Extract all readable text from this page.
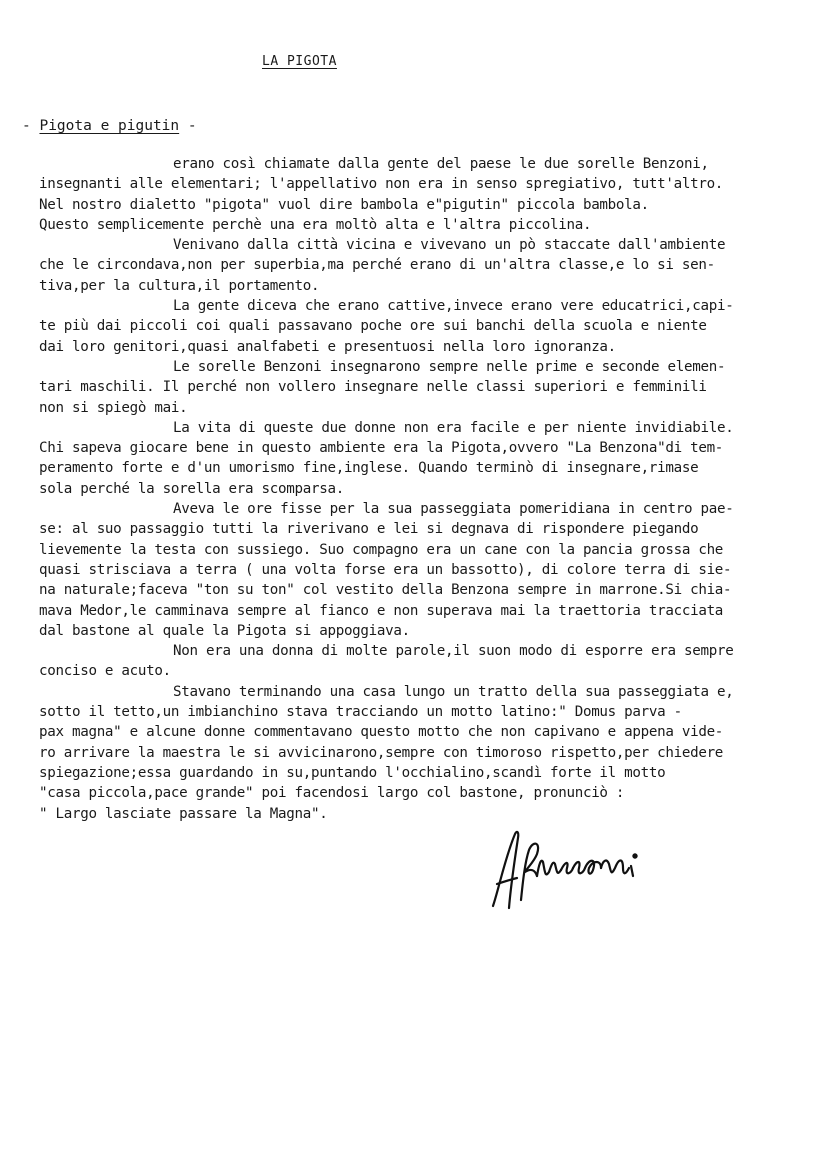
LA PIGOTA
- Pigota e pigutin -
erano così chiamate dalla gente del paese le due sorelle Benzoni,
insegnanti alle elementari; l'appellativo non era in senso spregiativo, tutt'altro.
Nel nostro dialetto "pigota" vuol dire bambola e"pigutin" piccola bambola.
Questo semplicemente perchè una era moltò alta e l'altra piccolina.
Venivano dalla città vicina e vivevano un pò staccate dall'ambiente
che le circondava,non per superbia,ma perché erano di un'altra classe,e lo si sen-
tiva,per la cultura,il portamento.
La gente diceva che erano cattive,invece erano vere educatrici,capi-
te più dai piccoli coi quali passavano poche ore sui banchi della scuola e niente
dai loro genitori,quasi analfabeti e presentuosi nella loro ignoranza.
Le sorelle Benzoni insegnarono sempre nelle prime e seconde elemen-
tari maschili. Il perché non vollero insegnare nelle classi superiori e femminili
non si spiegò mai.
La vita di queste due donne non era facile e per niente invidiabile.
Chi sapeva giocare bene in questo ambiente era la Pigota,ovvero "La Benzona"di tem-
peramento forte e d'un umorismo fine,inglese. Quando terminò di insegnare,rimase
sola perché la sorella era scomparsa.
Aveva le ore fisse per la sua passeggiata pomeridiana in centro pae-
se: al suo passaggio tutti la riverivano e lei si degnava di rispondere piegando
lievemente la testa con sussiego. Suo compagno era un cane con la pancia grossa che
quasi strisciava a terra ( una volta forse era un bassotto), di colore terra di sie-
na naturale;faceva "ton su ton" col vestito della Benzona sempre in marrone.Si chia-
mava Medor,le camminava sempre al fianco e non superava mai la traettoria tracciata
dal bastone al quale la Pigota si appoggiava.
Non era una donna di molte parole,il suon modo di esporre era sempre
conciso e acuto.
Stavano terminando una casa lungo un tratto della sua passeggiata e,
sotto il tetto,un imbianchino stava tracciando un motto latino:" Domus parva -
pax magna" e alcune donne commentavano questo motto che non capivano e appena vide-
ro arrivare la maestra le si avvicinarono,sempre con timoroso rispetto,per chiedere
spiegazione;essa guardando in su,puntando l'occhialino,scandì forte il motto
"casa piccola,pace grande" poi facendosi largo col bastone, pronunciò :
" Largo lasciate passare la Magna".
